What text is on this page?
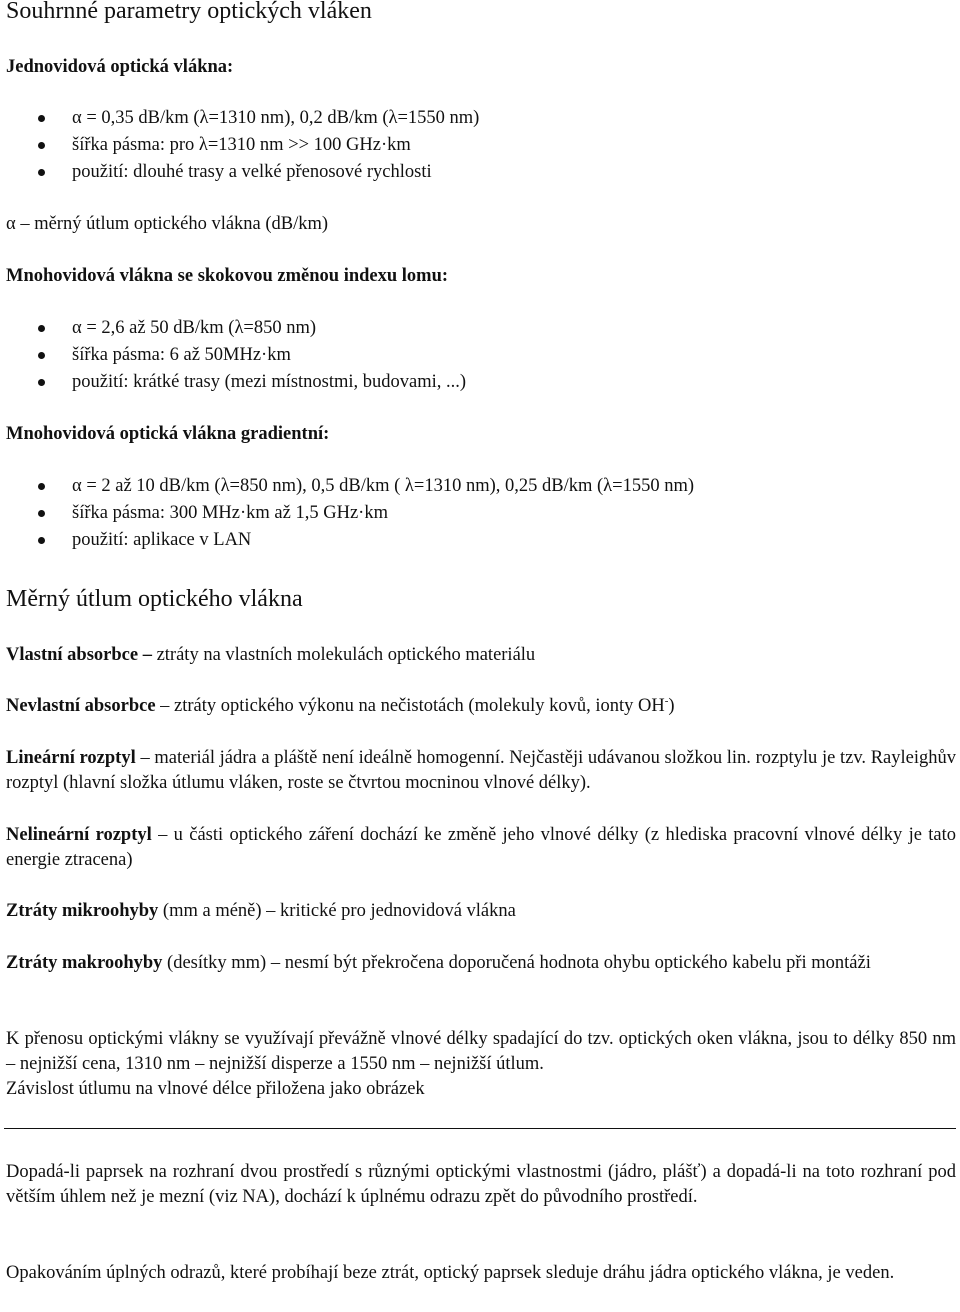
Souhrnné parametry optických vláken
Jednovidová optická vlákna:
α = 0,35 dB/km (λ=1310 nm), 0,2 dB/km (λ=1550 nm)
šířka pásma: pro λ=1310 nm >> 100 GHz·km
použití: dlouhé trasy a velké přenosové rychlosti
α – měrný útlum optického vlákna (dB/km)
Mnohovidová vlákna se skokovou změnou indexu lomu:
α = 2,6 až 50 dB/km (λ=850 nm)
šířka pásma: 6 až 50MHz·km
použití: krátké trasy (mezi místnostmi, budovami, ...)
Mnohovidová optická vlákna gradientní:
α = 2 až 10 dB/km (λ=850 nm), 0,5 dB/km ( λ=1310 nm), 0,25 dB/km (λ=1550 nm)
šířka pásma: 300 MHz·km až 1,5 GHz·km
použití: aplikace v LAN
Měrný útlum optického vlákna

Vlastní absorbce – ztráty na vlastních molekulách optického materiálu

Nevlastní absorbce – ztráty optického výkonu na nečistotách (molekuly kovů, ionty OH-)

Lineární rozptyl – materiál jádra a pláště není ideálně homogenní. Nejčastěji udávanou složkou lin. rozptylu je tzv. Rayleighův rozptyl (hlavní složka útlumu vláken, roste se čtvrtou mocninou vlnové délky).

Nelineární rozptyl – u části optického záření dochází ke změně jeho vlnové délky (z hlediska pracovní vlnové délky je tato energie ztracena)

Ztráty mikroohyby (mm a méně) – kritické pro jednovidová vlákna

Ztráty makroohyby (desítky mm) – nesmí být překročena doporučená hodnota ohybu optického kabelu při montáži

K přenosu optickými vlákny se využívají převážně vlnové délky spadající do tzv. optických oken vlákna, jsou to délky 850 nm – nejnižší cena, 1310 nm – nejnižší disperze a 1550 nm – nejnižší útlum.

Závislost útlumu na vlnové délce přiložena jako obrázek

Dopadá-li paprsek na rozhraní dvou prostředí s různými optickými vlastnostmi (jádro, plášť) a dopadá-li na toto rozhraní pod větším úhlem než je mezní (viz NA), dochází k úplnému odrazu zpět do původního prostředí.

Opakováním úplných odrazů, které probíhají beze ztrát, optický paprsek sleduje dráhu jádra optického vlákna, je veden.
